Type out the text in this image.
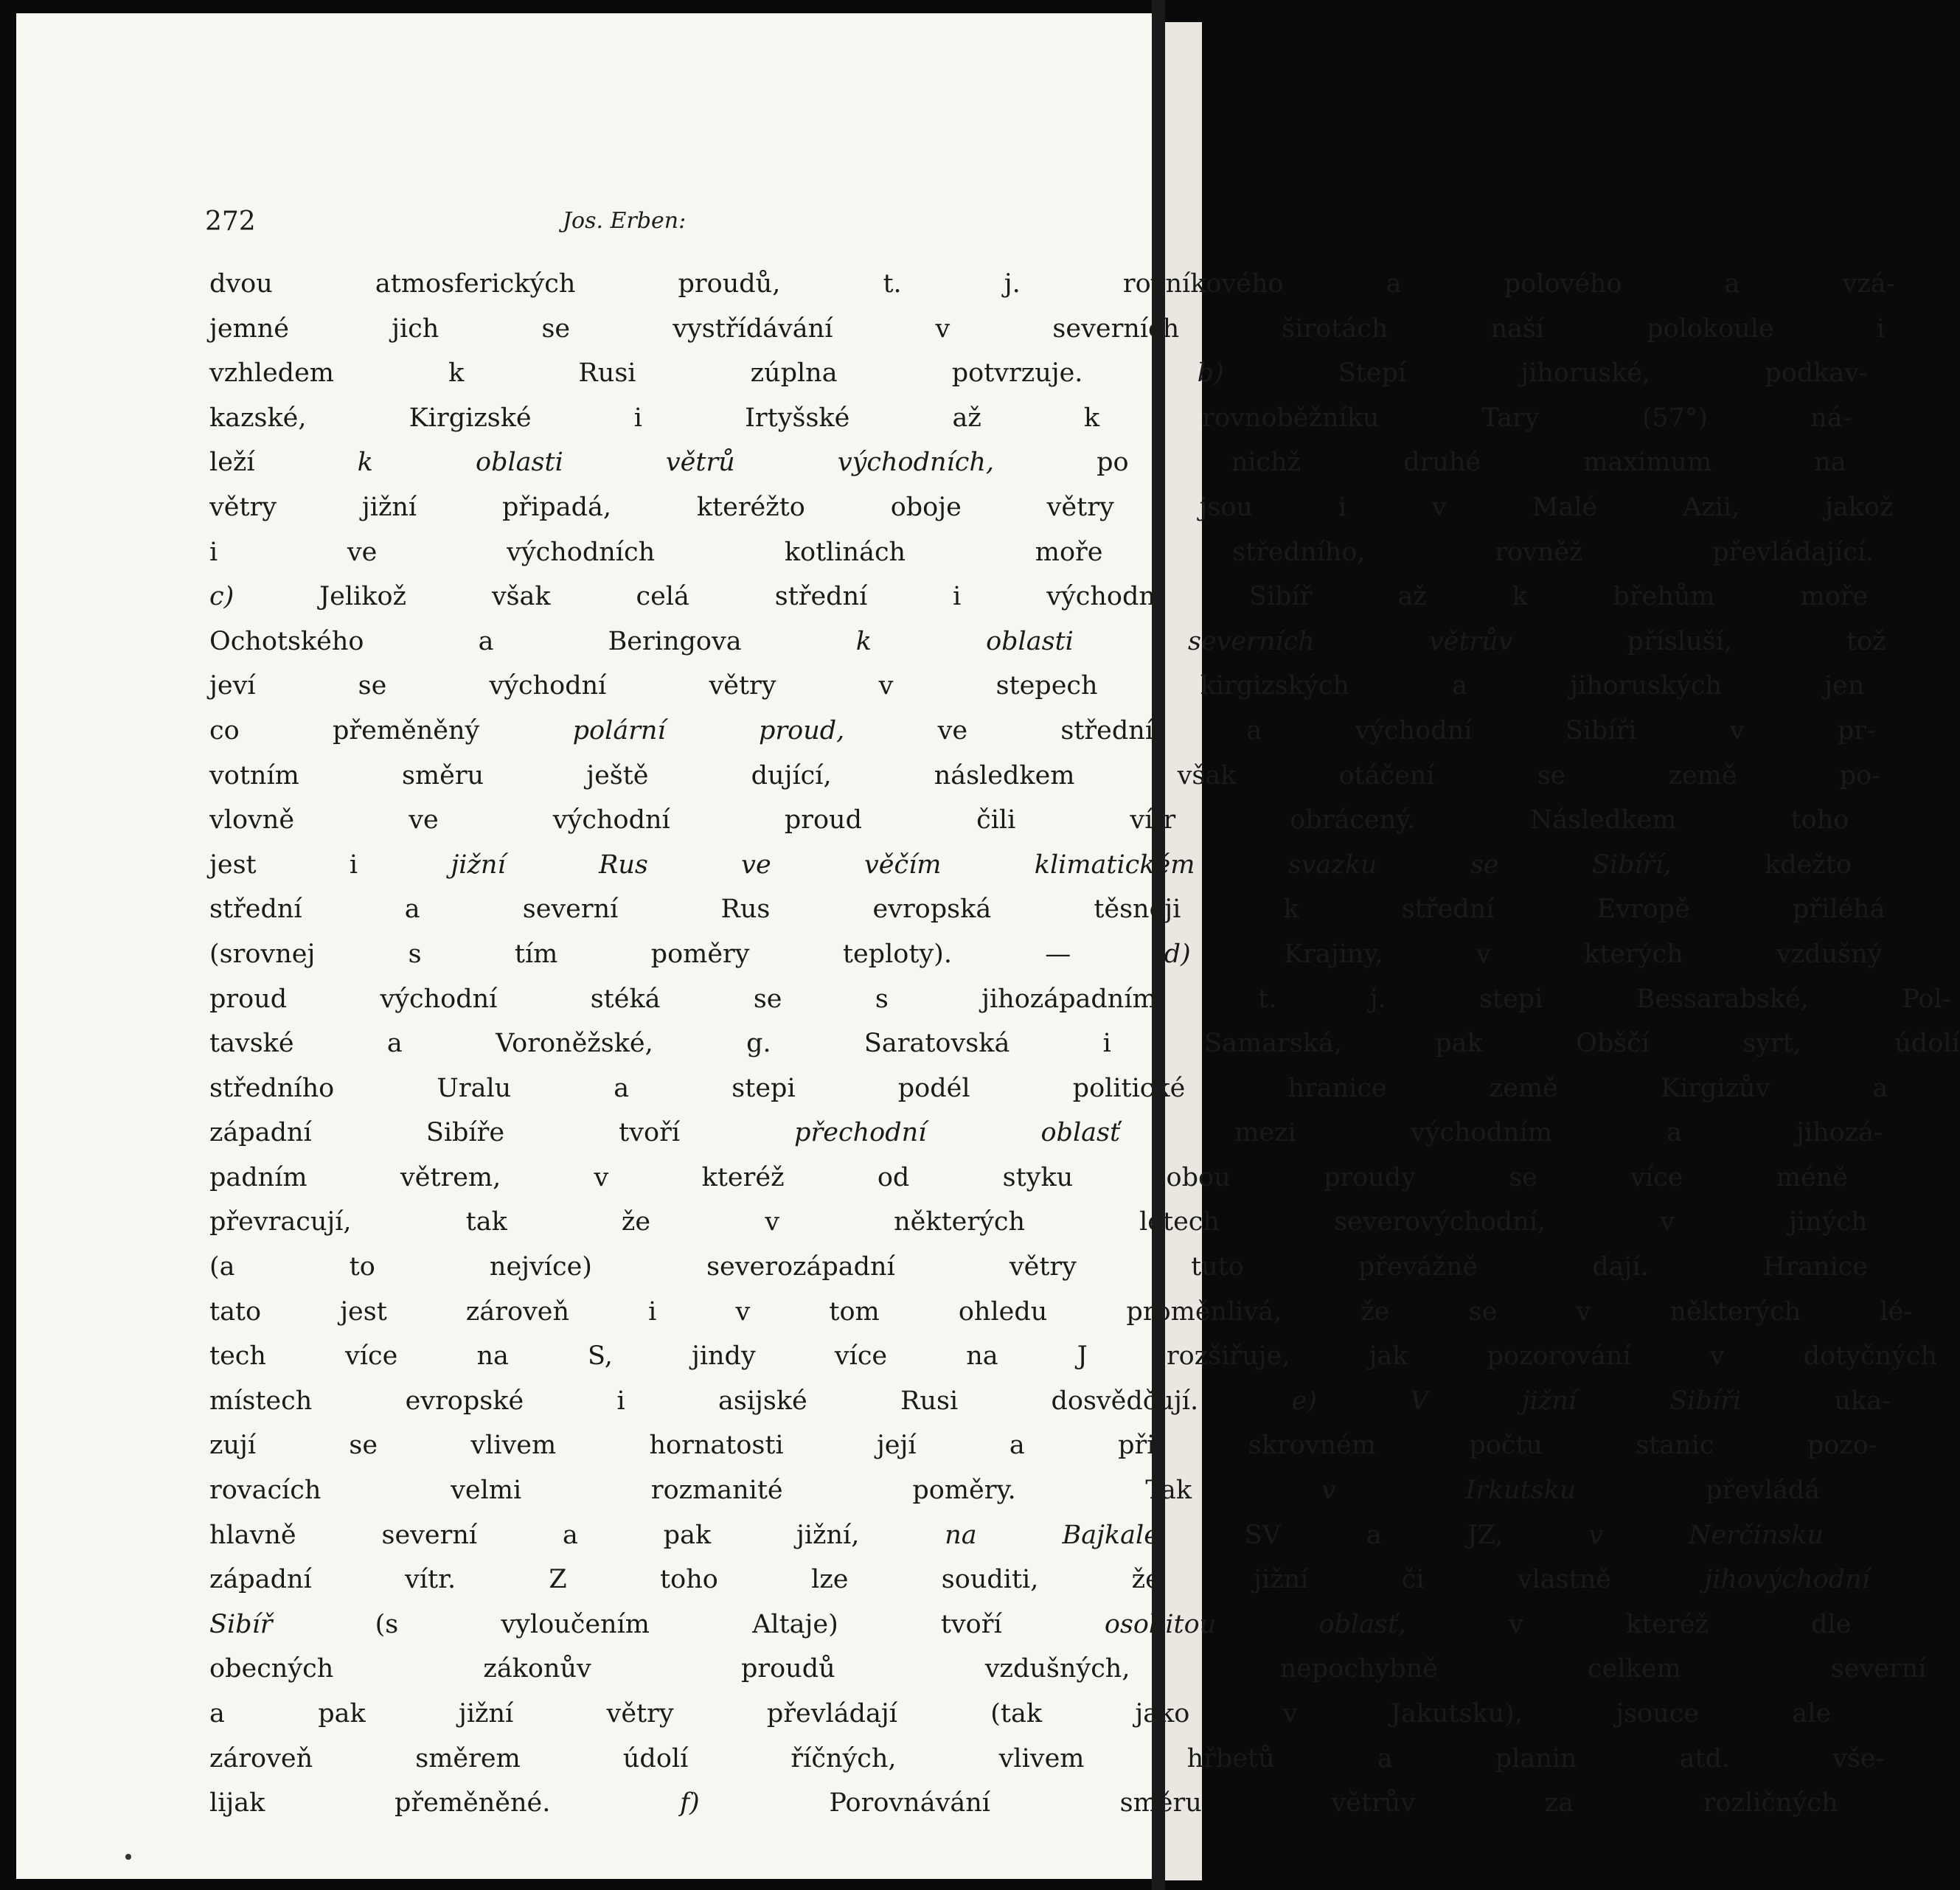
272	Jos. Erben:
dvou atmosferických proudů, t. j. rovníkového a polového a vzá-
jemné jich se vystřídávání v severních širotách naší polokoule i
vzhledem k Rusi zúplna potvrzuje. b) Stepí jihoruské, podkav-
kazské, Kirgizské i Irtyšské až k rovnoběžníku Tary (57°) ná-
leží k oblasti větrů východních, po nichž druhé maximum na
větry jižní připadá, kteréžto oboje větry jsou i v Malé Azii, jakož
i ve východních kotlinách moře středního, rovněž převládající.
c) Jelikož však celá střední i východní Sibíř až k břehům moře
Ochotského a Beringova k oblasti severních větrův přísluší, tož
jeví se východní větry v stepech kirgizských a jihoruských jen
co přeměněný polární proud, ve střední a východní Sibíři v pr-
votním směru ještě dující, následkem však otáčení se země po-
vlovně ve východní proud čili vítr obrácený. Následkem toho
jest i jižní Rus ve věčím klimatickém svazku se Sibíří, kdežto
střední a severní Rus evropská těsněji k střední Evropě přiléhá
(srovnej s tím poměry teploty). — d) Krajiny, v kterých vzdušný
proud východní stéká se s jihozápadním, t. j. stepi Bessarabské, Pol-
tavské a Voroněžské, g. Saratovská i Samarská, pak Obščí syrt, údolí
středního Uralu a stepi podél politické hranice země Kirgizův a
západní Sibíře tvoří přechodní oblasť mezi východním a jihozá-
padním větrem, v kteréž od styku obou proudy se více méně
převracují, tak že v některých létech severovýchodní, v jiných
(a to nejvíce) severozápadní větry tuto převážně dají. Hranice
tato jest zároveň i v tom ohledu proměnlivá, že se v některých lé-
tech více na S, jindy více na J rozšiřuje, jak pozorování v dotyčných
místech evropské i asijské Rusi dosvědčují. e)	V jižní Sibíři uka-
zují se vlivem hornatosti její a při skrovném počtu stanic pozo-
rovacích velmi rozmanité poměry. Tak v Irkutsku převládá
hlavně severní a pak jižní, na Bajkale SV a JZ, v Nerčinsku
západní vítr. Z toho lze souditi, že jižní či vlastně jihovýchodní
Sibíř (s vyloučením Altaje) tvoří osobitou oblasť, v kteréž dle
obecných zákonův proudů vzdušných, nepochybně celkem severní
a pak jižní větry převládají (tak jako v Jakutsku), jsouce ale
zároveň směrem údolí říčných, vlivem hřbetů a planin atd. vše-
lijak přeměněné. f) Porovnávání směru větrův za rozličných
